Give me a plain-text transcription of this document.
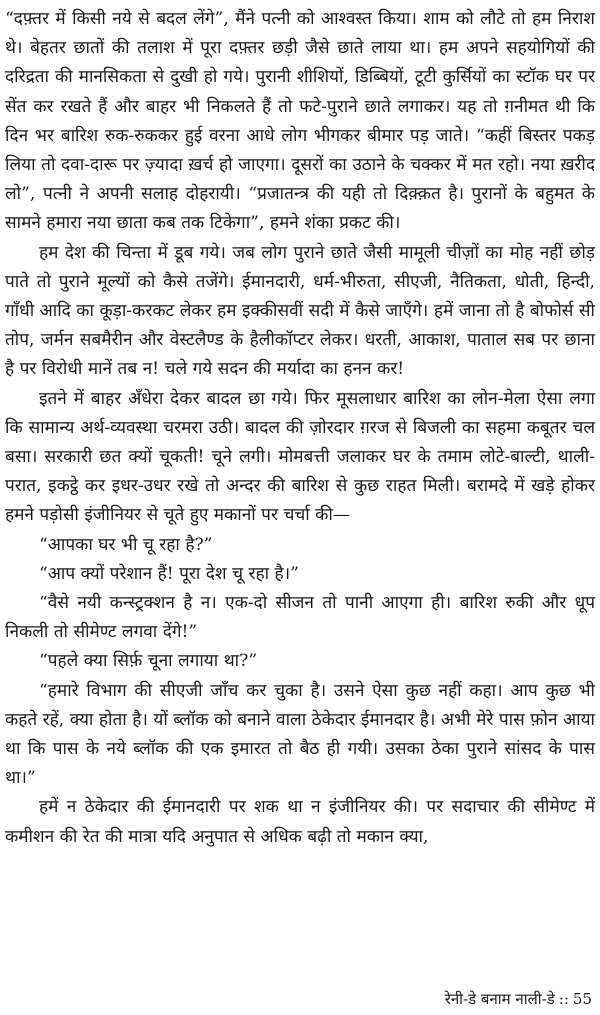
“दफ़्तर में किसी नये से बदल लेंगे”, मैंने पत्नी को आश्वस्त किया। शाम को लौटे तो हम निराश थे। बेहतर छातों की तलाश में पूरा दफ़्तर छड़ी जैसे छाते लाया था। हम अपने सहयोगियों की दरिद्रता की मानसिकता से दुखी हो गये। पुरानी शीशियों, डिब्बियों, टूटी कुर्सियों का स्टॉक घर पर सेंत कर रखते हैं और बाहर भी निकलते हैं तो फटे-पुराने छाते लगाकर। यह तो ग़नीमत थी कि दिन भर बारिश रुक-रुककर हुई वरना आधे लोग भीगकर बीमार पड़ जाते। “कहीं बिस्तर पकड़ लिया तो दवा-दारू पर ज़्यादा ख़र्च हो जाएगा। दूसरों का उठाने के चक्कर में मत रहो। नया ख़रीद लो”, पत्नी ने अपनी सलाह दोहरायी। “प्रजातन्त्र की यही तो दिक़्क़त है। पुरानों के बहुमत के सामने हमारा नया छाता कब तक टिकेगा”, हमने शंका प्रकट की।

हम देश की चिन्ता में डूब गये। जब लोग पुराने छाते जैसी मामूली चीज़ों का मोह नहीं छोड़ पाते तो पुराने मूल्यों को कैसे तजेंगे। ईमानदारी, धर्म-भीरुता, सीएजी, नैतिकता, धोती, हिन्दी, गाँधी आदि का कूड़ा-करकट लेकर हम इक्कीसवीं सदी में कैसे जाएँगे। हमें जाना तो है बोफोर्स सी तोप, जर्मन सबमैरीन और वेस्टलैण्ड के हैलीकॉप्टर लेकर। धरती, आकाश, पाताल सब पर छाना है पर विरोधी मानें तब न! चले गये सदन की मर्यादा का हनन कर!

इतने में बाहर अँधेरा देकर बादल छा गये। फिर मूसलाधार बारिश का लोन-मेला ऐसा लगा कि सामान्य अर्थ-व्यवस्था चरमरा उठी। बादल की ज़ोरदार ग़रज से बिजली का सहमा कबूतर चल बसा। सरकारी छत क्यों चूकती! चूने लगी। मोमबत्ती जलाकर घर के तमाम लोटे-बाल्टी, थाली-परात, इकट्ठे कर इधर-उधर रखे तो अन्दर की बारिश से कुछ राहत मिली। बरामदे में खड़े होकर हमने पड़ोसी इंजीनियर से चूते हुए मकानों पर चर्चा की—

“आपका घर भी चू रहा है?”

“आप क्यों परेशान हैं! पूरा देश चू रहा है।”

“वैसे नयी कन्स्ट्रक्शन है न। एक-दो सीजन तो पानी आएगा ही। बारिश रुकी और धूप निकली तो सीमेण्ट लगवा देंगे!”

“पहले क्या सिर्फ़ चूना लगाया था?”

“हमारे विभाग की सीएजी जाँच कर चुका है। उसने ऐसा कुछ नहीं कहा। आप कुछ भी कहते रहें, क्या होता है। यों ब्लॉक को बनाने वाला ठेकेदार ईमानदार है। अभी मेरे पास फ़ोन आया था कि पास के नये ब्लॉक की एक इमारत तो बैठ ही गयी। उसका ठेका पुराने सांसद के पास था।”

हमें न ठेकेदार की ईमानदारी पर शक था न इंजीनियर की। पर सदाचार की सीमेण्ट में कमीशन की रेत की मात्रा यदि अनुपात से अधिक बढ़ी तो मकान क्या,

रेनी-डे बनाम नाली-डे :: 55
